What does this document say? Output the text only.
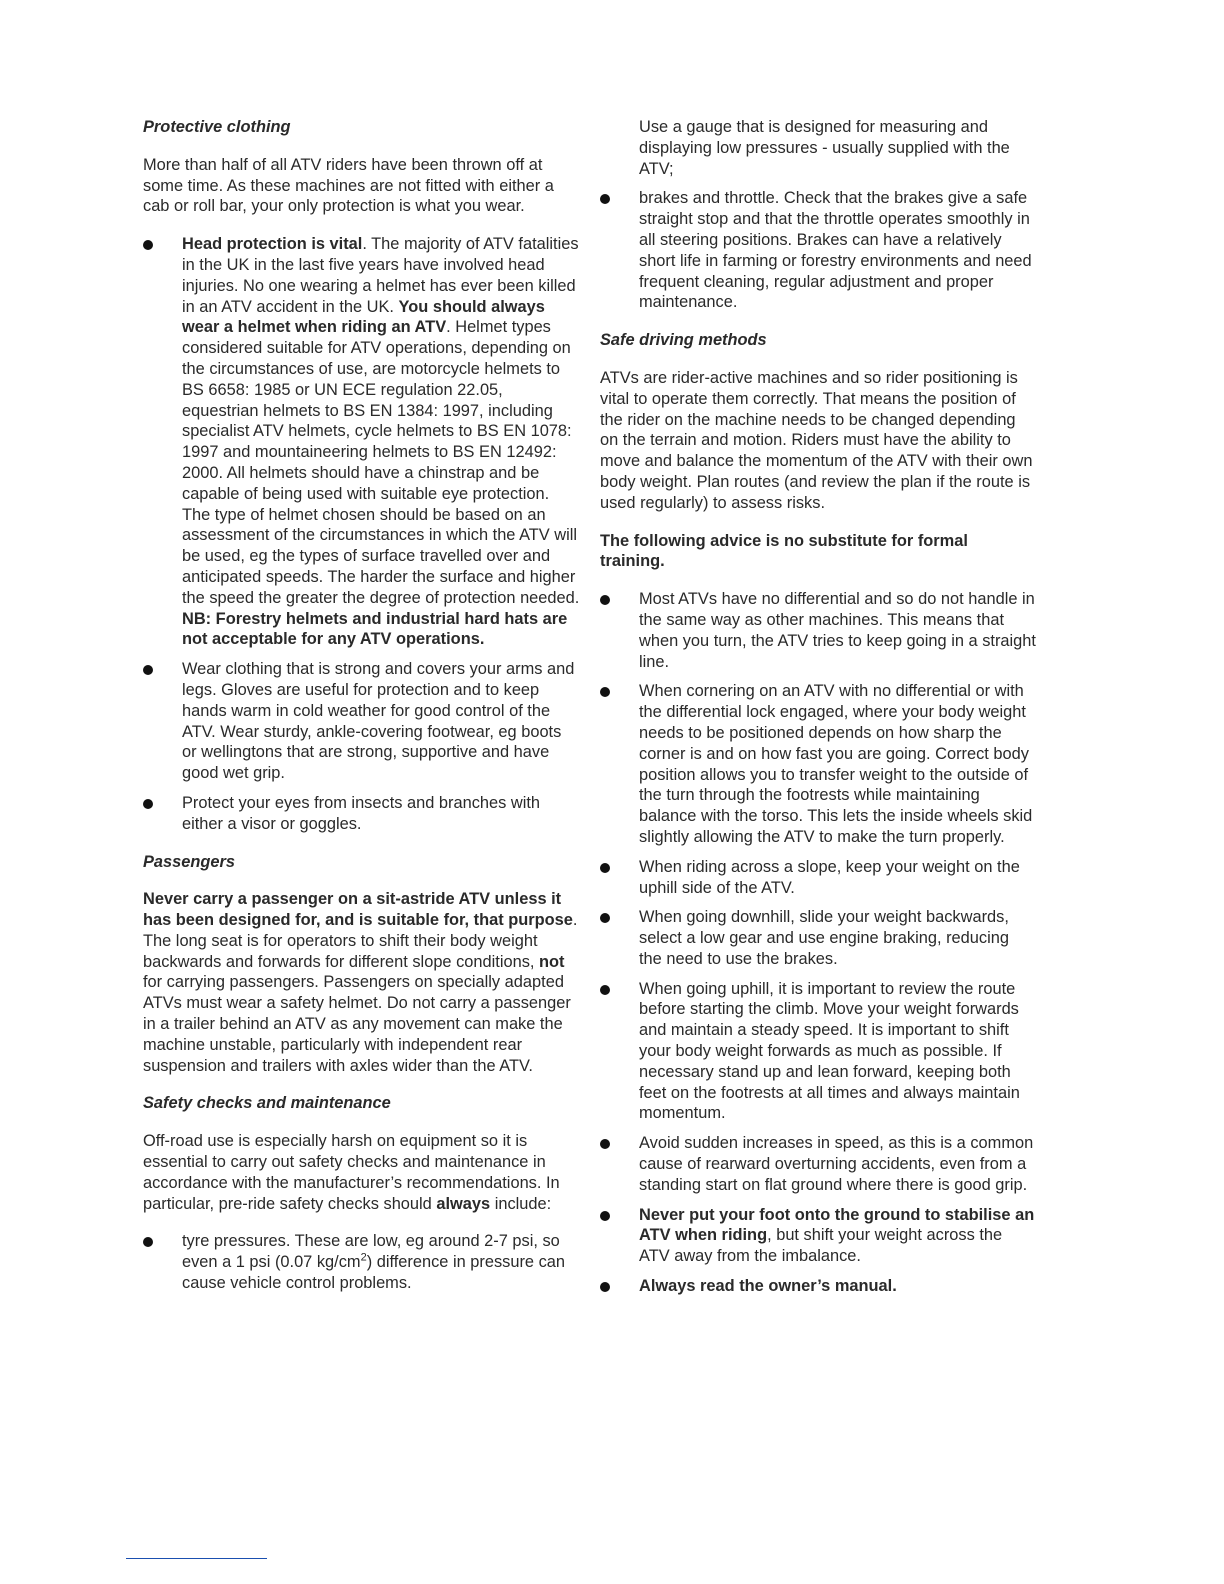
Protective clothing

More than half of all ATV riders have been thrown off at some time. As these machines are not fitted with either a cab or roll bar, your only protection is what you wear.

Head protection is vital. The majority of ATV fatalities in the UK in the last five years have involved head injuries. No one wearing a helmet has ever been killed in an ATV accident in the UK. You should always wear a helmet when riding an ATV. Helmet types considered suitable for ATV operations, depending on the circumstances of use, are motorcycle helmets to BS 6658: 1985 or UN ECE regulation 22.05, equestrian helmets to BS EN 1384: 1997, including specialist ATV helmets, cycle helmets to BS EN 1078: 1997 and mountaineering helmets to BS EN 12492: 2000. All helmets should have a chinstrap and be capable of being used with suitable eye protection. The type of helmet chosen should be based on an assessment of the circumstances in which the ATV will be used, eg the types of surface travelled over and anticipated speeds. The harder the surface and higher the speed the greater the degree of protection needed. NB: Forestry helmets and industrial hard hats are not acceptable for any ATV operations.
Wear clothing that is strong and covers your arms and legs. Gloves are useful for protection and to keep hands warm in cold weather for good control of the ATV. Wear sturdy, ankle-covering footwear, eg boots or wellingtons that are strong, supportive and have good wet grip.
Protect your eyes from insects and branches with either a visor or goggles.
Passengers

Never carry a passenger on a sit-astride ATV unless it has been designed for, and is suitable for, that purpose. The long seat is for operators to shift their body weight backwards and forwards for different slope conditions, not for carrying passengers. Passengers on specially adapted ATVs must wear a safety helmet. Do not carry a passenger in a trailer behind an ATV as any movement can make the machine unstable, particularly with independent rear suspension and trailers with axles wider than the ATV.

Safety checks and maintenance

Off-road use is especially harsh on equipment so it is essential to carry out safety checks and maintenance in accordance with the manufacturer’s recommendations. In particular, pre-ride safety checks should always include:

tyre pressures. These are low, eg around 2-7 psi, so even a 1 psi (0.07 $kg/cm^2$) difference in pressure can cause vehicle control problems.
Use a gauge that is designed for measuring and displaying low pressures - usually supplied with the ATV;
brakes and throttle. Check that the brakes give a safe straight stop and that the throttle operates smoothly in all steering positions. Brakes can have a relatively short life in farming or forestry environments and need frequent cleaning, regular adjustment and proper maintenance.
Safe driving methods

ATVs are rider-active machines and so rider positioning is vital to operate them correctly. That means the position of the rider on the machine needs to be changed depending on the terrain and motion. Riders must have the ability to move and balance the momentum of the ATV with their own body weight. Plan routes (and review the plan if the route is used regularly) to assess risks.

The following advice is no substitute for formal training.

Most ATVs have no differential and so do not handle in the same way as other machines. This means that when you turn, the ATV tries to keep going in a straight line.
When cornering on an ATV with no differential or with the differential lock engaged, where your body weight needs to be positioned depends on how sharp the corner is and on how fast you are going. Correct body position allows you to transfer weight to the outside of the turn through the footrests while maintaining balance with the torso. This lets the inside wheels skid slightly allowing the ATV to make the turn properly.
When riding across a slope, keep your weight on the uphill side of the ATV.
When going downhill, slide your weight backwards, select a low gear and use engine braking, reducing the need to use the brakes.
When going uphill, it is important to review the route before starting the climb. Move your weight forwards and maintain a steady speed. It is important to shift your body weight forwards as much as possible. If necessary stand up and lean forward, keeping both feet on the footrests at all times and always maintain momentum.
Avoid sudden increases in speed, as this is a common cause of rearward overturning accidents, even from a standing start on flat ground where there is good grip.
Never put your foot onto the ground to stabilise an ATV when riding, but shift your weight across the ATV away from the imbalance.
Always read the owner’s manual.
